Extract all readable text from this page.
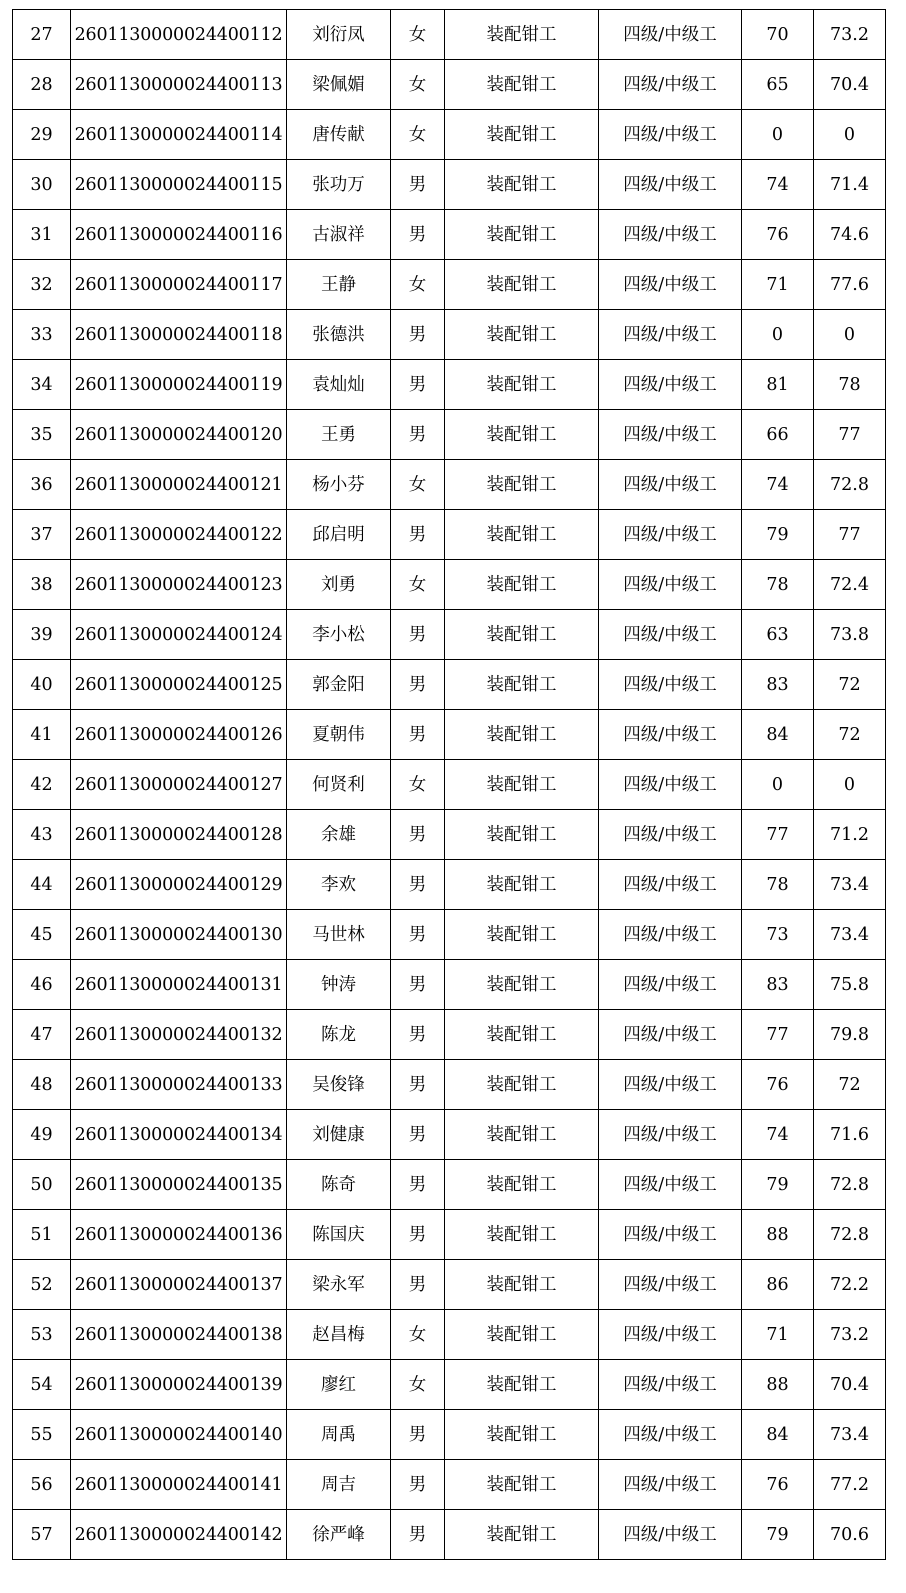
27	2601130000024400112	刘衍凤	女	装配钳工	四级/中级工	70	73.2
28	2601130000024400113	梁佩媚	女	装配钳工	四级/中级工	65	70.4
29	2601130000024400114	唐传献	女	装配钳工	四级/中级工	0	0
30	2601130000024400115	张功万	男	装配钳工	四级/中级工	74	71.4
31	2601130000024400116	古淑祥	男	装配钳工	四级/中级工	76	74.6
32	2601130000024400117	王静	女	装配钳工	四级/中级工	71	77.6
33	2601130000024400118	张德洪	男	装配钳工	四级/中级工	0	0
34	2601130000024400119	袁灿灿	男	装配钳工	四级/中级工	81	78
35	2601130000024400120	王勇	男	装配钳工	四级/中级工	66	77
36	2601130000024400121	杨小芬	女	装配钳工	四级/中级工	74	72.8
37	2601130000024400122	邱启明	男	装配钳工	四级/中级工	79	77
38	2601130000024400123	刘勇	女	装配钳工	四级/中级工	78	72.4
39	2601130000024400124	李小松	男	装配钳工	四级/中级工	63	73.8
40	2601130000024400125	郭金阳	男	装配钳工	四级/中级工	83	72
41	2601130000024400126	夏朝伟	男	装配钳工	四级/中级工	84	72
42	2601130000024400127	何贤利	女	装配钳工	四级/中级工	0	0
43	2601130000024400128	余雄	男	装配钳工	四级/中级工	77	71.2
44	2601130000024400129	李欢	男	装配钳工	四级/中级工	78	73.4
45	2601130000024400130	马世林	男	装配钳工	四级/中级工	73	73.4
46	2601130000024400131	钟涛	男	装配钳工	四级/中级工	83	75.8
47	2601130000024400132	陈龙	男	装配钳工	四级/中级工	77	79.8
48	2601130000024400133	吴俊锋	男	装配钳工	四级/中级工	76	72
49	2601130000024400134	刘健康	男	装配钳工	四级/中级工	74	71.6
50	2601130000024400135	陈奇	男	装配钳工	四级/中级工	79	72.8
51	2601130000024400136	陈国庆	男	装配钳工	四级/中级工	88	72.8
52	2601130000024400137	梁永军	男	装配钳工	四级/中级工	86	72.2
53	2601130000024400138	赵昌梅	女	装配钳工	四级/中级工	71	73.2
54	2601130000024400139	廖红	女	装配钳工	四级/中级工	88	70.4
55	2601130000024400140	周禹	男	装配钳工	四级/中级工	84	73.4
56	2601130000024400141	周吉	男	装配钳工	四级/中级工	76	77.2
57	2601130000024400142	徐严峰	男	装配钳工	四级/中级工	79	70.6
